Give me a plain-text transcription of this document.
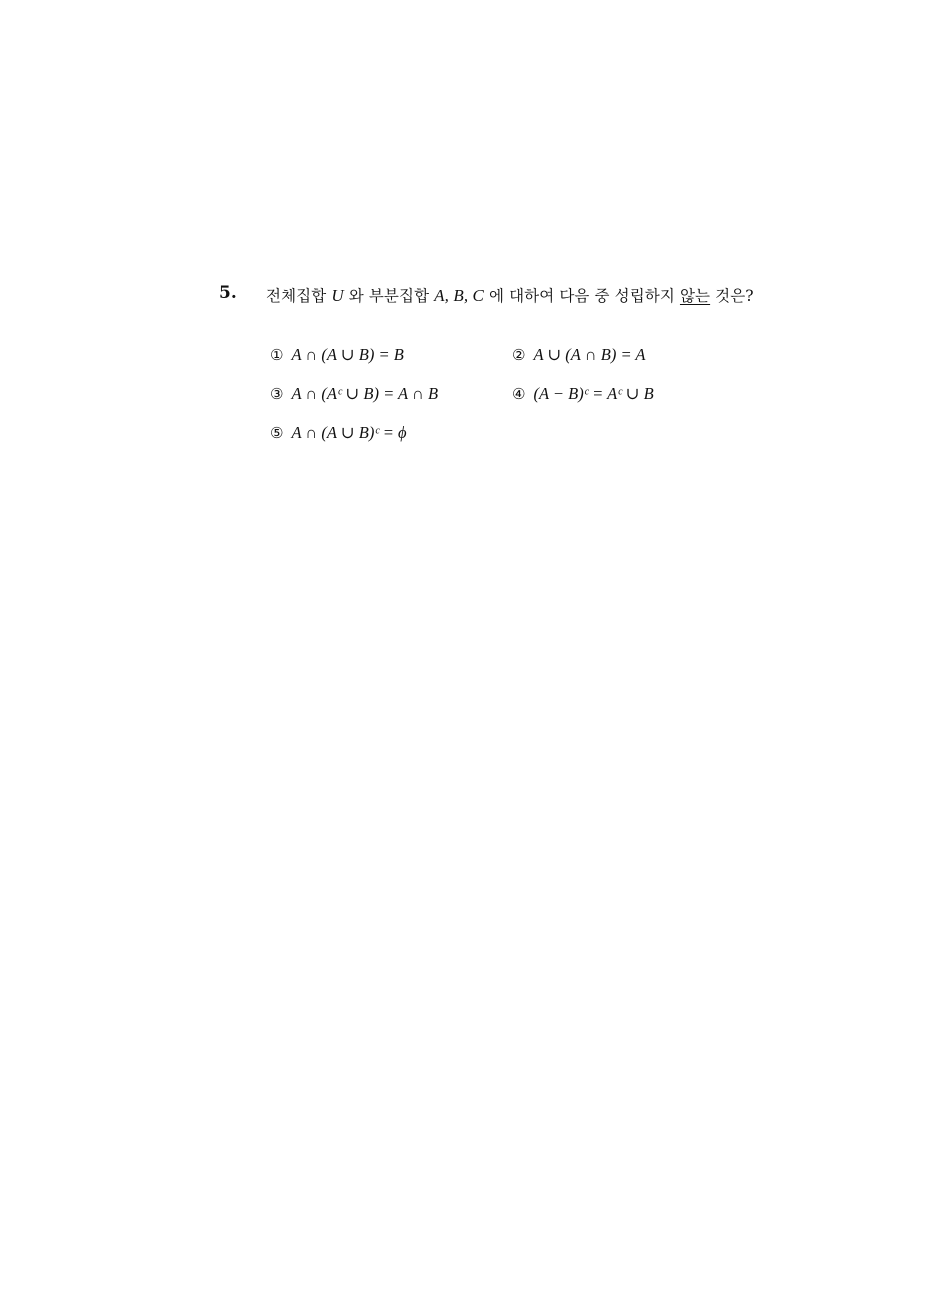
5. 전체집합 U 와 부분집합 A, B, C 에 대하여 다음 중 성립하지 않는 것은?
① A ∩ (A ∪ B) = B	② A ∪ (A ∩ B) = A
③ A ∩ (Aᶜ ∪ B) = A ∩ B	④ (A − B)ᶜ = Aᶜ ∪ B
⑤ A ∩ (A ∪ B)ᶜ = ϕ
